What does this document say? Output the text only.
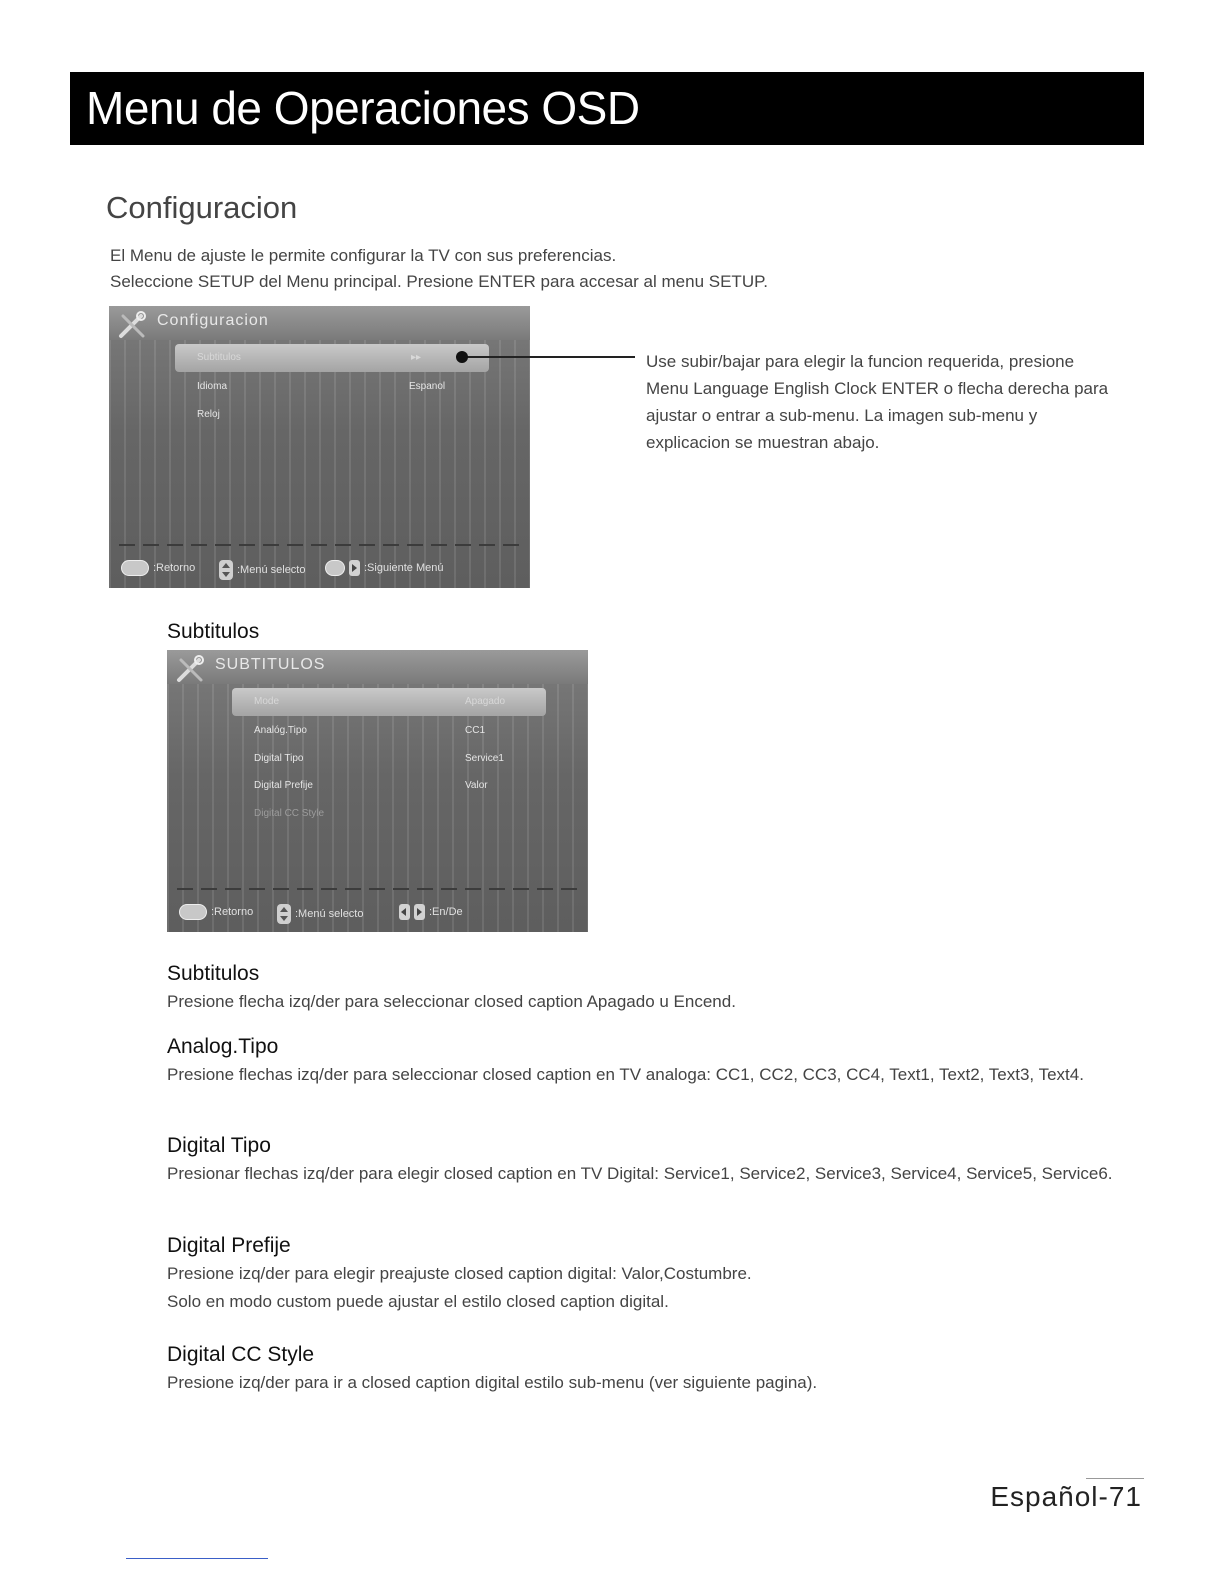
Menu de Operaciones OSD
Configuracion

El Menu de ajuste le permite configurar la TV con sus preferencias.

Seleccione SETUP del Menu principal. Presione ENTER para accesar al menu SETUP.

Configuracion
Subtitulos	▸▸
Idioma	Espanol
Reloj
:Retorno	:Menú selecto	:Siguiente Menú
Use subir/bajar para elegir la funcion requerida, presione Menu Language English Clock ENTER o flecha derecha para ajustar o entrar a sub-menu. La imagen sub-menu y explicacion se muestran abajo.
Subtitulos
SUBTITULOS
Mode	Apagado
Analóg.Tipo	CC1
Digital Tipo	Service1
Digital Prefije	Valor
Digital CC Style
:Retorno	:Menú selecto	:En/De
Subtitulos

Presione flecha izq/der para seleccionar closed caption Apagado u Encend.

Analog.Tipo

Presione flechas izq/der para seleccionar closed caption en TV analoga: CC1, CC2, CC3, CC4, Text1, Text2, Text3, Text4.

Digital Tipo

Presionar flechas izq/der para elegir closed caption en TV Digital: Service1, Service2, Service3, Service4, Service5, Service6.

Digital Prefije

Presione izq/der para elegir preajuste closed caption digital: Valor,Costumbre.

Solo en modo custom puede ajustar el estilo closed caption digital.

Digital CC Style

Presione izq/der para ir a closed caption digital estilo sub-menu (ver siguiente pagina).

Español-71
